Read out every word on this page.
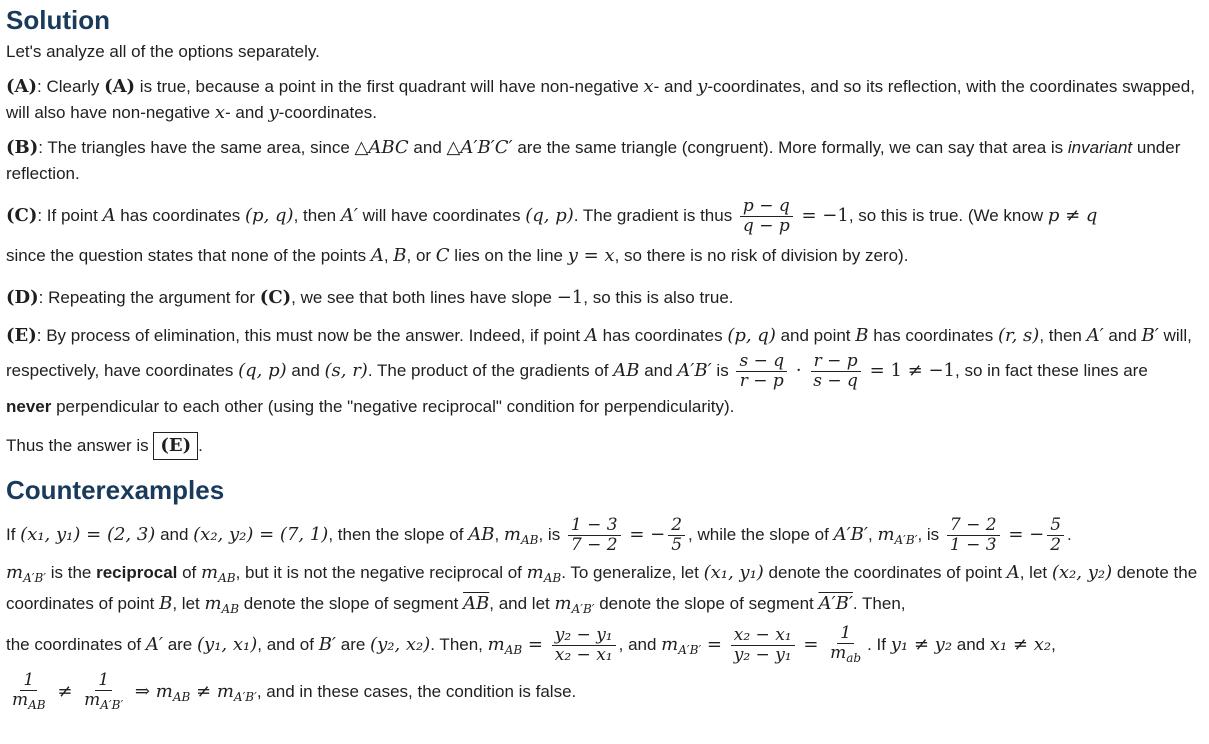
Solution

Let's analyze all of the options separately.

(A): Clearly (A) is true, because a point in the first quadrant will have non-negative x- and y-coordinates, and so its reflection, with the coordinates swapped, will also have non-negative x- and y-coordinates.

(B): The triangles have the same area, since △ABC and △A′B′C′ are the same triangle (congruent). More formally, we can say that area is invariant under reflection.

(C): If point A has coordinates (p, q), then A′ will have coordinates (q, p). The gradient is thus $\frac{p - q}{q - p} = -1$, so this is true. (We know p ≠ q
since the question states that none of the points A, B, or C lies on the line y = x, so there is no risk of division by zero).

(D): Repeating the argument for (C), we see that both lines have slope −1, so this is also true.

(E): By process of elimination, this must now be the answer. Indeed, if point A has coordinates (p, q) and point B has coordinates (r, s), then A′ and B′ will, respectively, have coordinates (q, p) and (s, r). The product of the gradients of AB and A′B′ is $\frac{s - q}{r - p} \cdot \frac{r - p}{s - q} = 1 \ne -1$, so in fact these lines are
never perpendicular to each other (using the "negative reciprocal" condition for perpendicularity).

Thus the answer is (E) .

Counterexamples
If (x₁, y₁) = (2, 3) and (x₂, y₂) = (7, 1), then the slope of AB, $m_{AB}$, is $\frac{1 - 3}{7 - 2}$ = − $\frac{2}{5}$ , while the slope of A′B′, $m_{A'B'}$, is $\frac{7 - 2}{1 - 3}$ = − $\frac{5}{2}$ .
$m_{A'B'}$ is the reciprocal of $m_{AB}$, but it is not the negative reciprocal of $m_{AB}$. To generalize, let (x₁, y₁) denote the coordinates of point A, let (x₂, y₂) denote the coordinates of point B, let $m_{AB}$ denote the slope of segment $\overline{AB}$, and let $m_{A'B'}$ denote the slope of segment A′B′. Then,
the coordinates of A′ are (y₁, x₁), and of B′ are (y₂, x₂). Then, $m_{AB} = \frac{\text{y₂ − y₁}}{\text{x₂ − x₁}}$ , and $m_{A'B'} = \frac{\text{x₂ − x₁}}{\text{y₂ − y₁}} = \frac{1}{m_{ab}}$ . If y₁ ≠ y₂ and x₁ ≠ x₂,
$\frac{1}{m_{AB}} \ne \frac{1}{m_{A'B'}}$ ⇒ $m_{AB} \ne m_{A'B'}$, and in these cases, the condition is false.
